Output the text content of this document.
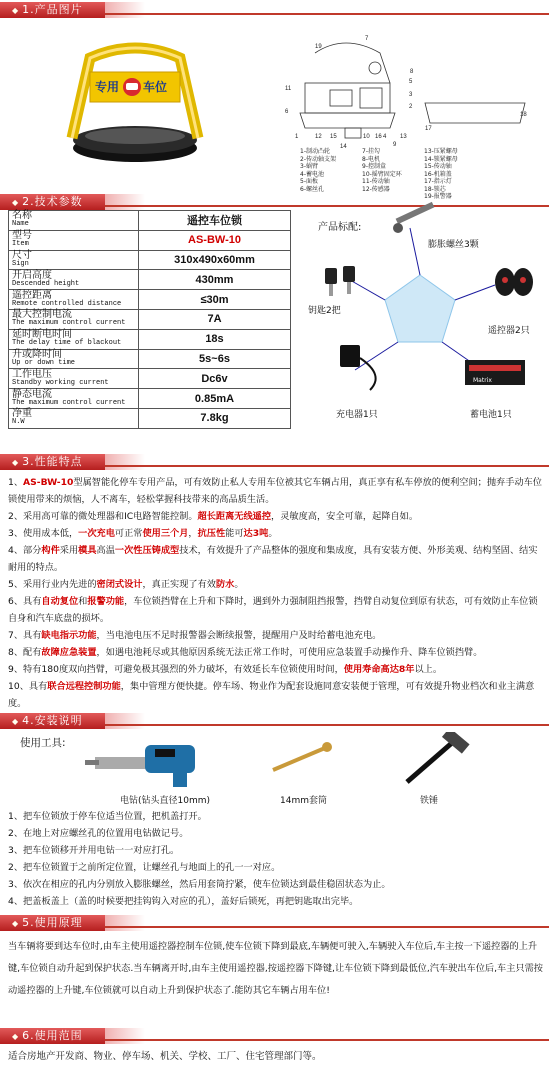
◆ 1.产品图片
专用 车位
19
7
8
11
5
3
2
6
1	13
17
18
12 15	10 16
14
4
9
1-制动凸轮	7-挂勾	13-压紧螺母
2-传动轴支架	8-电机	14-锁紧螺母
3-蜗臂	9-控制盒	15-传动轴
4-蓄电池	10-摇臂固定环	16-机箱盖
5-面板	11-传动轴	17-指示灯
6-螺丝孔	12-传感器	18-锁芯
19-报警器
◆ 2.技术参数
名称
Name	遥控车位锁
型号
Item	AS-BW-10
尺寸
Sign	310x490x60mm
开启高度
Descended height	430mm
遥控距离
Remote controlled distance	≤30m
最大控制电流
The maximum control current	7A
延时断电时间
The delay time of blackout	18s
升或降时间
Up or down time	5s~6s
工作电压
Standby working current	Dc6v
静态电流
The maximum control current	0.85mA
净重
N.W	7.8kg
产品标配:
Matrix
膨胀螺丝3颗
钥匙2把
遥控器2只
充电器1只	蓄电池1只
◆ 3.性能特点

1、AS-BW-10型属智能化停车专用产品，可有效防止私人专用车位被其它车辆占用，真正享有私车停放的便利空间；抛弃手动车位锁使用带来的烦恼，人不离车，轻松掌握科技带来的高品质生活。

2、采用高可靠的微处理器和IC电路智能控制。超长距离无线遥控，灵敏度高，安全可靠，起降自如。

3、使用成本低，一次充电可正常使用三个月，抗压性能可达3吨。

4、部分构件采用模具高温一次性压铸成型技术，有效提升了产品整体的强度和集成度，具有安装方便、外形美观、结构坚固、结实耐用的特点。

5、采用行业内先进的密闭式设计，真正实现了有效防水。

6、具有自动复位和报警功能，车位锁挡臂在上升和下降时，遇到外力强制阻挡报警，挡臂自动复位到原有状态，可有效防止车位锁自身和汽车底盘的损坏。

7、具有缺电指示功能，当电池电压不足时报警器会断续报警，提醒用户及时给蓄电池充电。

8、配有故障应急装置，如遇电池耗尽或其他原因系统无法正常工作时，可使用应急装置手动操作升、降车位锁挡臂。

9、特有180度双向挡臂，可避免极其强烈的外力破坏，有效延长车位锁使用时间，使用寿命高达8年以上。

10、具有联合远程控制功能，集中管理方便快捷。停车场、物业作为配套设施同意安装便于管理，可有效提升物业档次和业主满意度。

◆ 4.安装说明
使用工具:
电钻(钻头直径10mm)	14mm套筒	铁锤

1、把车位锁放于停车位适当位置，把机盖打开。

2、在地上对应螺丝孔的位置用电钻做记号。

3、把车位锁移开并用电钻一一对应打孔。

2、把车位锁置于之前所定位置，让螺丝孔与地面上的孔一一对应。

3、依次在相应的孔内分别放入膨胀螺丝，然后用套筒拧紧，使车位锁达到最佳稳固状态为止。

4、把盖板盖上（盖的时候要把挂钩钩入对应的孔），盖好后锁死，再把钥匙取出完毕。

◆ 5.使用原理
当车辆将要到达车位时,由车主使用遥控器控制车位锁,使车位锁下降到最底,车辆便可驶入,车辆驶入车位后,车主按一下遥控器的上升键,车位锁自动升起到保护状态.当车辆离开时,由车主使用遥控器,按遥控器下降键,让车位锁下降到最低位,汽车驶出车位后,车主只需按动遥控器的上升键,车位锁就可以自动上升到保护状态了.能防其它车辆占用车位!
◆ 6.使用范围
适合房地产开发商、物业、停车场、机关、学校、工厂、住宅管理部门等。
